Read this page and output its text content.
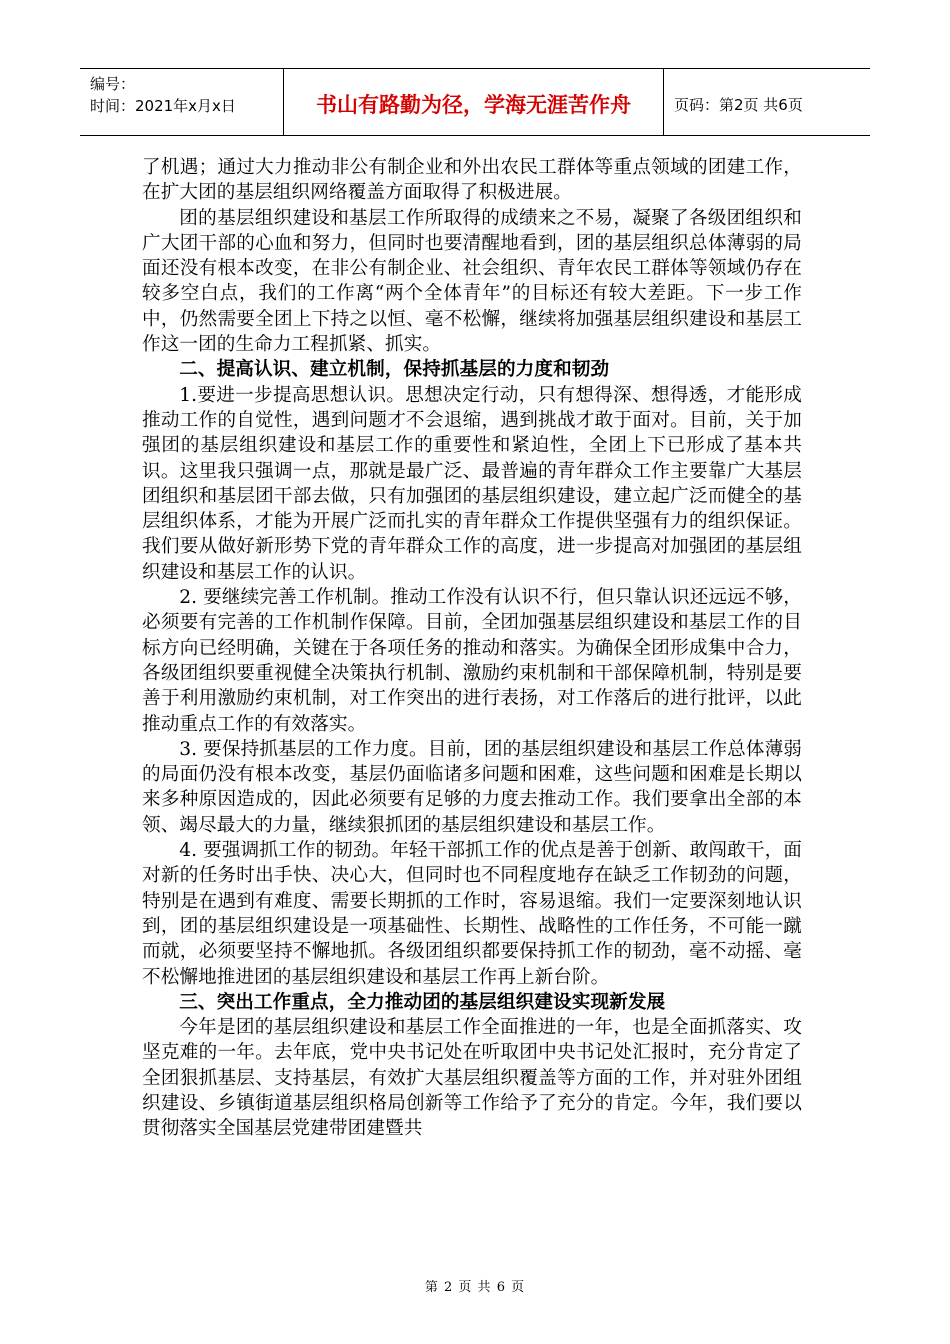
编号：
时间：2021年x月x日	书山有路勤为径，学海无涯苦作舟	页码：第2页 共6页

了机遇；通过大力推动非公有制企业和外出农民工群体等重点领域的团建工作，在扩大团的基层组织网络覆盖方面取得了积极进展。

团的基层组织建设和基层工作所取得的成绩来之不易，凝聚了各级团组织和广大团干部的心血和努力，但同时也要清醒地看到，团的基层组织总体薄弱的局面还没有根本改变，在非公有制企业、社会组织、青年农民工群体等领域仍存在较多空白点，我们的工作离“两个全体青年”的目标还有较大差距。下一步工作中，仍然需要全团上下持之以恒、毫不松懈，继续将加强基层组织建设和基层工作这一团的生命力工程抓紧、抓实。

二、提高认识、建立机制，保持抓基层的力度和韧劲

1.要进一步提高思想认识。思想决定行动，只有想得深、想得透，才能形成推动工作的自觉性，遇到问题才不会退缩，遇到挑战才敢于面对。目前，关于加强团的基层组织建设和基层工作的重要性和紧迫性，全团上下已形成了基本共识。这里我只强调一点，那就是最广泛、最普遍的青年群众工作主要靠广大基层团组织和基层团干部去做，只有加强团的基层组织建设，建立起广泛而健全的基层组织体系，才能为开展广泛而扎实的青年群众工作提供坚强有力的组织保证。我们要从做好新形势下党的青年群众工作的高度，进一步提高对加强团的基层组织建设和基层工作的认识。

2. 要继续完善工作机制。推动工作没有认识不行，但只靠认识还远远不够，必须要有完善的工作机制作保障。目前，全团加强基层组织建设和基层工作的目标方向已经明确，关键在于各项任务的推动和落实。为确保全团形成集中合力，各级团组织要重视健全决策执行机制、激励约束机制和干部保障机制，特别是要善于利用激励约束机制，对工作突出的进行表扬，对工作落后的进行批评，以此推动重点工作的有效落实。

3. 要保持抓基层的工作力度。目前，团的基层组织建设和基层工作总体薄弱的局面仍没有根本改变，基层仍面临诸多问题和困难，这些问题和困难是长期以来多种原因造成的，因此必须要有足够的力度去推动工作。我们要拿出全部的本领、竭尽最大的力量，继续狠抓团的基层组织建设和基层工作。

4. 要强调抓工作的韧劲。年轻干部抓工作的优点是善于创新、敢闯敢干，面对新的任务时出手快、决心大，但同时也不同程度地存在缺乏工作韧劲的问题，特别是在遇到有难度、需要长期抓的工作时，容易退缩。我们一定要深刻地认识到，团的基层组织建设是一项基础性、长期性、战略性的工作任务，不可能一蹴而就，必须要坚持不懈地抓。各级团组织都要保持抓工作的韧劲，毫不动摇、毫不松懈地推进团的基层组织建设和基层工作再上新台阶。

三、突出工作重点，全力推动团的基层组织建设实现新发展

今年是团的基层组织建设和基层工作全面推进的一年，也是全面抓落实、攻坚克难的一年。去年底，党中央书记处在听取团中央书记处汇报时，充分肯定了全团狠抓基层、支持基层，有效扩大基层组织覆盖等方面的工作，并对驻外团组织建设、乡镇街道基层组织格局创新等工作给予了充分的肯定。今年，我们要以贯彻落实全国基层党建带团建暨共

第 2 页 共 6 页
